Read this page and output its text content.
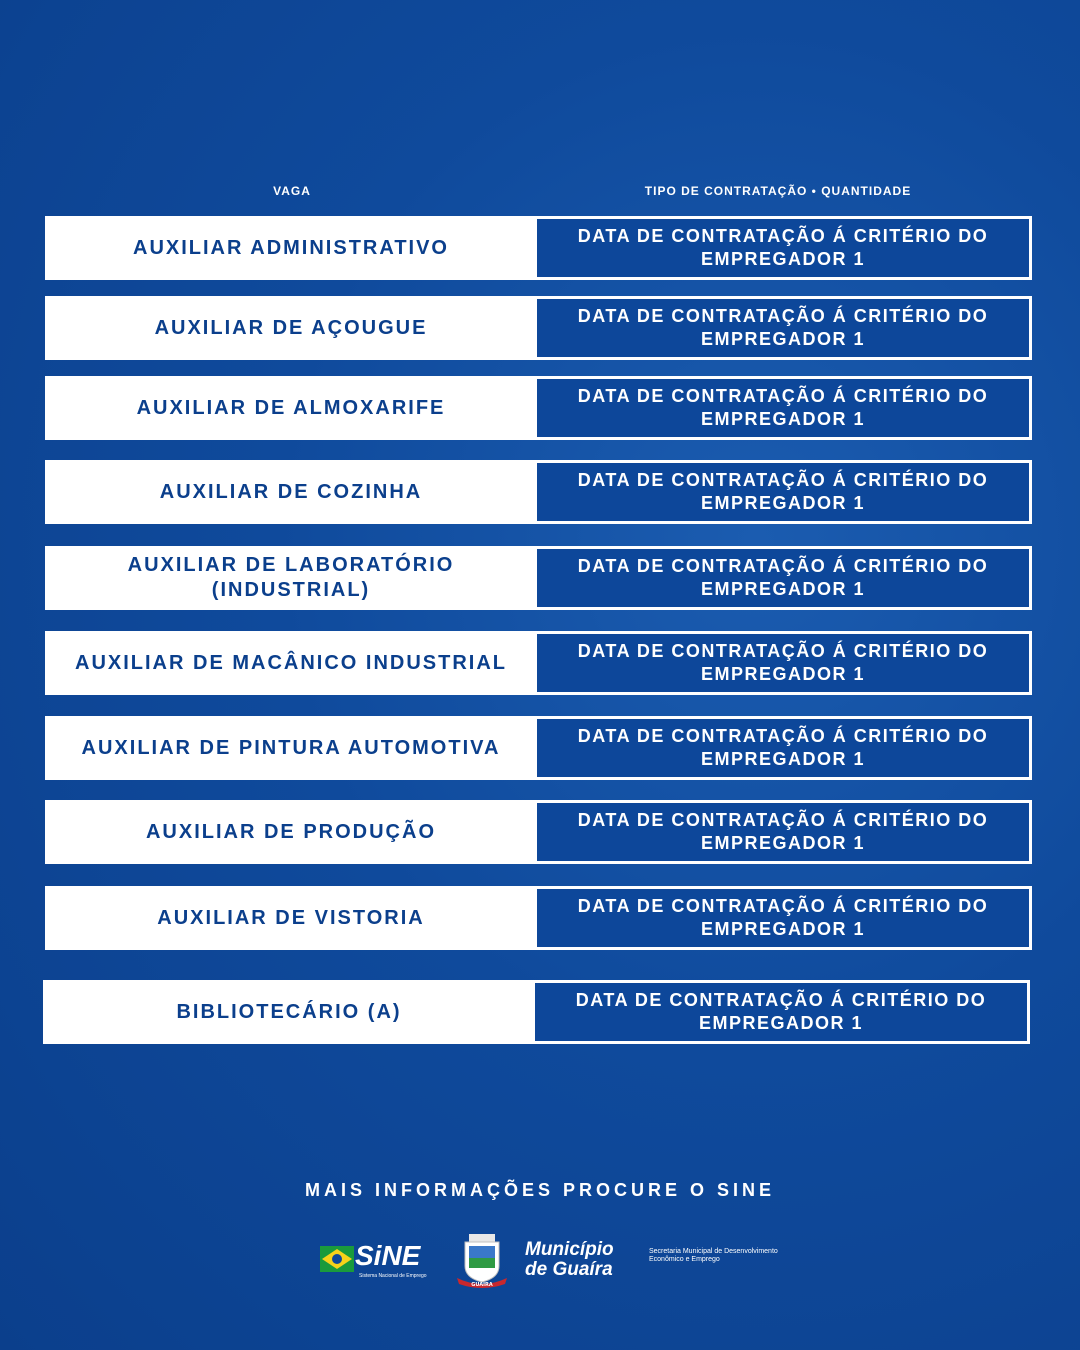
VAGA	TIPO DE CONTRATAÇÃO • QUANTIDADE
AUXILIAR ADMINISTRATIVO
DATA DE CONTRATAÇÃO Á CRITÉRIO DO EMPREGADOR 1
AUXILIAR DE AÇOUGUE
DATA DE CONTRATAÇÃO Á CRITÉRIO DO EMPREGADOR 1
AUXILIAR DE ALMOXARIFE
DATA DE CONTRATAÇÃO Á CRITÉRIO DO EMPREGADOR 1
AUXILIAR DE COZINHA
DATA DE CONTRATAÇÃO Á CRITÉRIO DO EMPREGADOR 1
AUXILIAR DE LABORATÓRIO (INDUSTRIAL)
DATA DE CONTRATAÇÃO Á CRITÉRIO DO EMPREGADOR 1
AUXILIAR DE MACÂNICO INDUSTRIAL
DATA DE CONTRATAÇÃO Á CRITÉRIO DO EMPREGADOR 1
AUXILIAR DE PINTURA AUTOMOTIVA
DATA DE CONTRATAÇÃO Á CRITÉRIO DO EMPREGADOR 1
AUXILIAR DE PRODUÇÃO
DATA DE CONTRATAÇÃO Á CRITÉRIO DO EMPREGADOR 1
AUXILIAR DE VISTORIA
DATA DE CONTRATAÇÃO Á CRITÉRIO DO EMPREGADOR 1
BIBLIOTECÁRIO (A)
DATA DE CONTRATAÇÃO Á CRITÉRIO DO EMPREGADOR 1
MAIS INFORMAÇÕES PROCURE O SINE
SiNE
Sistema Nacional de Emprego
GUAIRA
Município
de Guaíra
Secretaria Municipal de Desenvolvimento Econômico e Emprego
